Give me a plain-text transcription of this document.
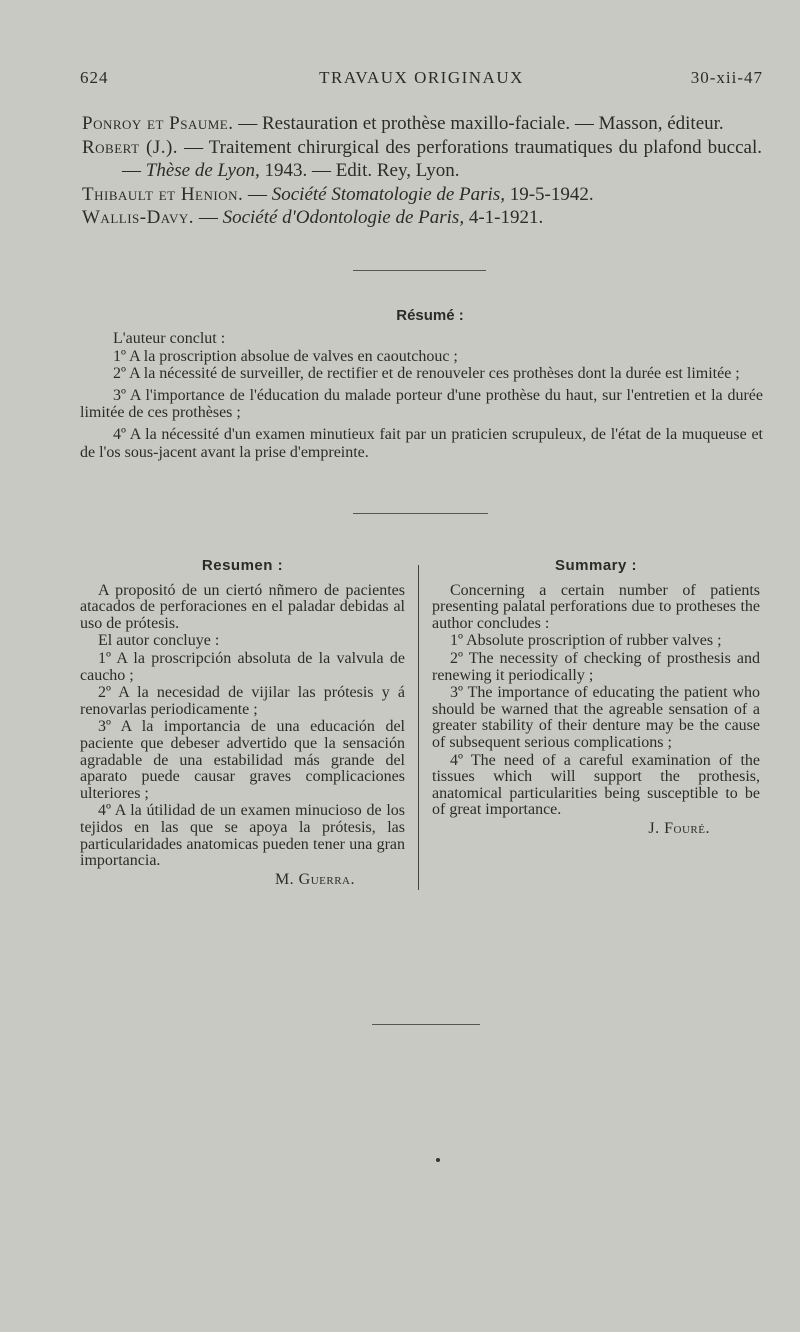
624	TRAVAUX ORIGINAUX	30-xii-47
Ponroy et Psaume. — Restauration et prothèse maxillo-faciale. — Masson, éditeur.
Robert (J.). — Traitement chirurgical des perforations traumatiques du plafond buccal. — Thèse de Lyon, 1943. — Edit. Rey, Lyon.
Thibault et Henion. — Société Stomatologie de Paris, 19-5-1942.
Wallis-Davy. — Société d'Odontologie de Paris, 4-1-1921.
Résumé :

L'auteur conclut :

1º A la proscription absolue de valves en caoutchouc ;

2º A la nécessité de surveiller, de rectifier et de renouveler ces prothèses dont la durée est limitée ;

3º A l'importance de l'éducation du malade porteur d'une prothèse du haut, sur l'entretien et la durée limitée de ces prothèses ;

4º A la nécessité d'un examen minutieux fait par un praticien scrupuleux, de l'état de la muqueuse et de l'os sous-jacent avant la prise d'empreinte.

Resumen :

A propositó de un ciertó nñmero de pacientes atacados de perforaciones en el paladar debidas al uso de prótesis.

El autor concluye :

1º A la proscripción absoluta de la valvula de caucho ;

2º A la necesidad de vijilar las prótesis y á renovarlas periodicamente ;

3º A la importancia de una educación del paciente que debeser advertido que la sensación agradable de una estabilidad más grande del aparato puede causar graves complicaciones ulteriores ;

4º A la útilidad de un examen minucioso de los tejidos en las que se apoya la prótesis, las particularidades anatomicas pueden tener una gran importancia.

M. Guerra.

Summary :

Concerning a certain number of patients presenting palatal perforations due to protheses the author concludes :

1º Absolute proscription of rubber valves ;

2º The necessity of checking of prosthesis and renewing it periodically ;

3º The importance of educating the patient who should be warned that the agreable sensation of a greater stability of their denture may be the cause of subsequent serious complications ;

4º The need of a careful examination of the tissues which will support the prothesis, anatomical particularities being susceptible to be of great importance.

J. Fouré.
